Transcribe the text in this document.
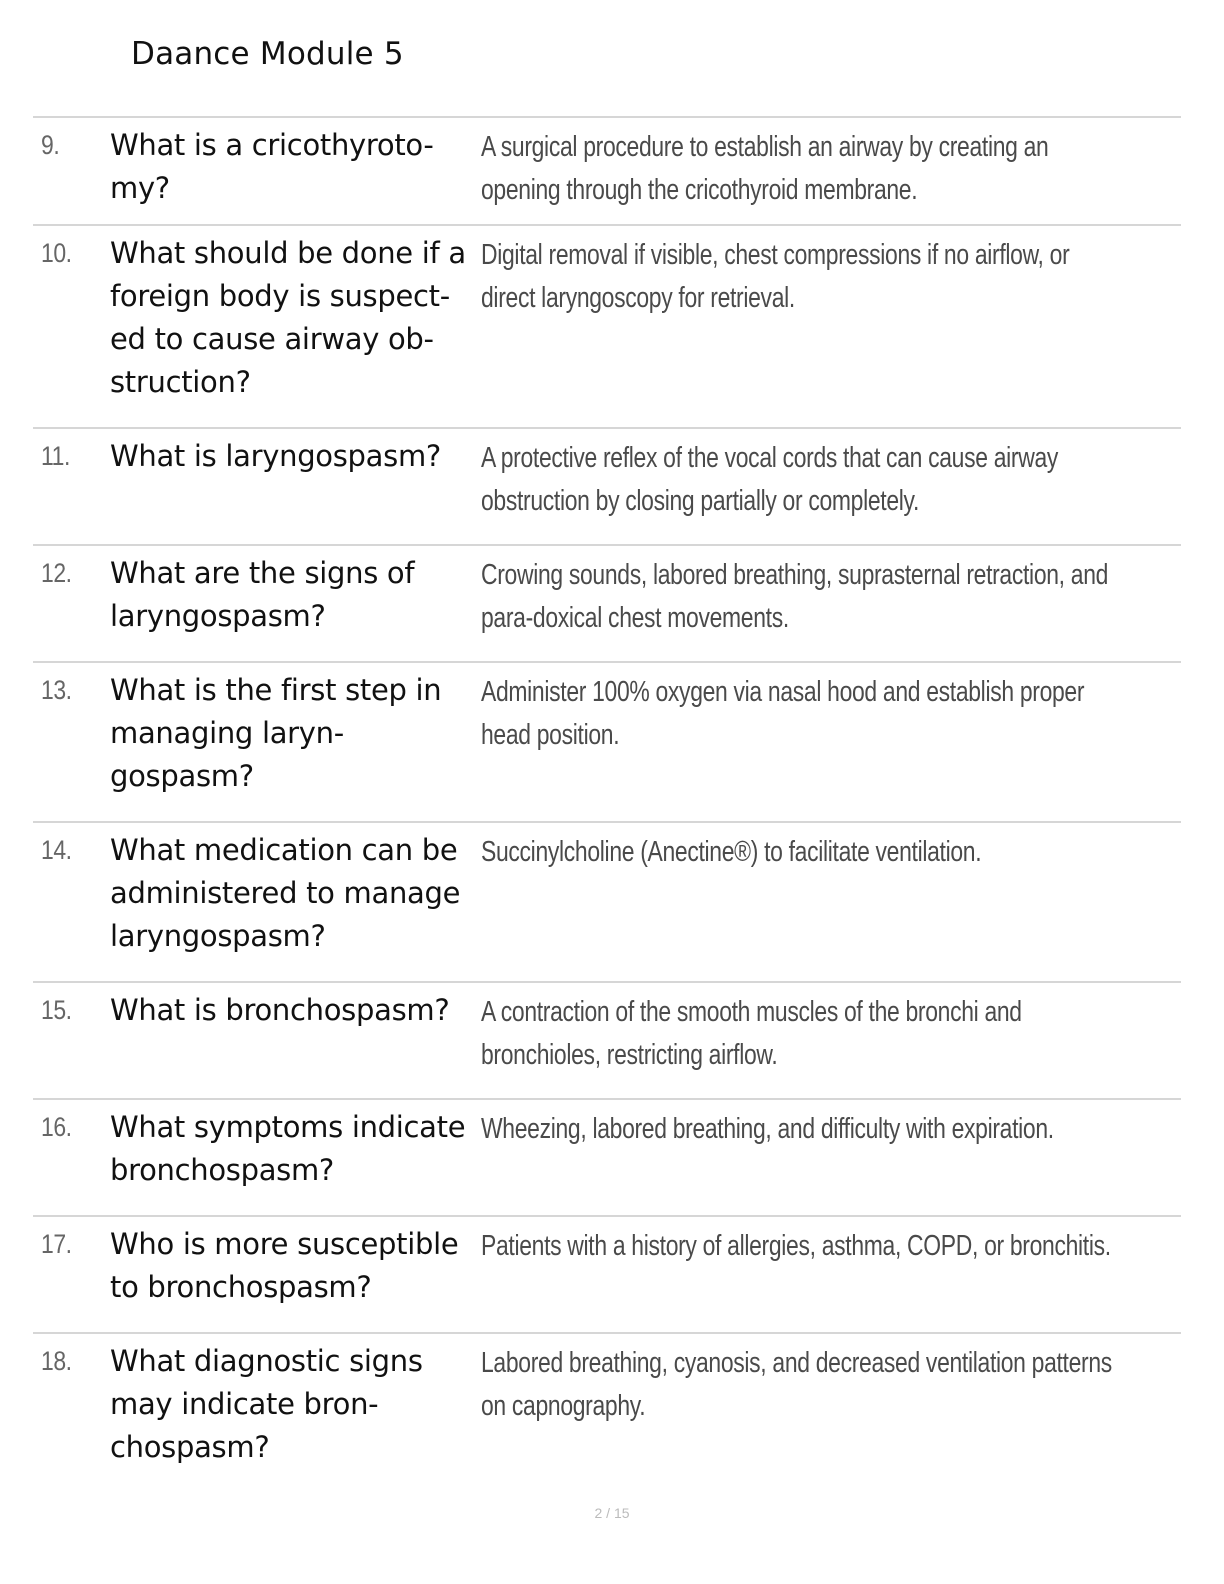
Daance Module 5
9. What is a cricothyroto-my?
A surgical procedure to establish an airway by creating an opening through the cricothyroid membrane.
10. What should be done if a foreign body is suspect-ed to cause airway ob-struction?
Digital removal if visible, chest compressions if no airflow, or direct laryngoscopy for retrieval.
11. What is laryngospasm?	A protective reflex of the vocal cords that can cause airway obstruction by closing partially or completely.
12. What are the signs of laryngospasm?
Crowing sounds, labored breathing, suprasternal retraction, and para-doxical chest movements.
13. What is the first step in managing laryn-gospasm?
Administer 100% oxygen via nasal hood and establish proper head position.
14. What medication can be administered to manage laryngospasm?
Succinylcholine (Anectine®) to facilitate ventilation.
15. What is bronchospasm?	A contraction of the smooth muscles of the bronchi and bronchioles, restricting airflow.
16. What symptoms indicate bronchospasm?
Wheezing, labored breathing, and difficulty with expiration.
17. Who is more susceptible to bronchospasm?
Patients with a history of allergies, asthma, COPD, or bronchitis.
18. What diagnostic signs may indicate bron-chospasm?
Labored breathing, cyanosis, and decreased ventilation patterns on capnography.
2 / 15
